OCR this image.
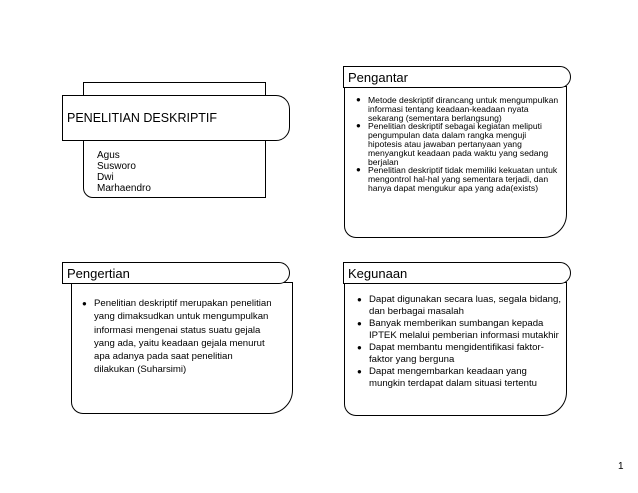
PENELITIAN DESKRIPTIF
Agus Susworo Dwi Marhaendro
Pengantar
● Metode deskriptif dirancang untuk mengumpulkan informasi tentang keadaan-keadaan nyata sekarang (sementara berlangsung)
● Penelitian deskriptif sebagai kegiatan meliputi pengumpulan data dalam rangka menguji hipotesis atau jawaban pertanyaan yang menyangkut keadaan pada waktu yang sedang berjalan
● Penelitian deskriptif tidak memiliki kekuatan untuk mengontrol hal-hal yang sementara terjadi, dan hanya dapat mengukur apa yang ada(exists)
Pengertian
● Penelitian deskriptif merupakan penelitian yang dimaksudkan untuk mengumpulkan informasi mengenai status suatu gejala yang ada, yaitu keadaan gejala menurut apa adanya pada saat penelitian dilakukan (Suharsimi)
Kegunaan
● Dapat digunakan secara luas, segala bidang, dan berbagai masalah
● Banyak memberikan sumbangan kepada IPTEK melalui pemberian informasi mutakhir
● Dapat membantu mengidentifikasi faktor-faktor yang berguna
● Dapat mengembarkan keadaan yang mungkin terdapat dalam situasi tertentu
1
